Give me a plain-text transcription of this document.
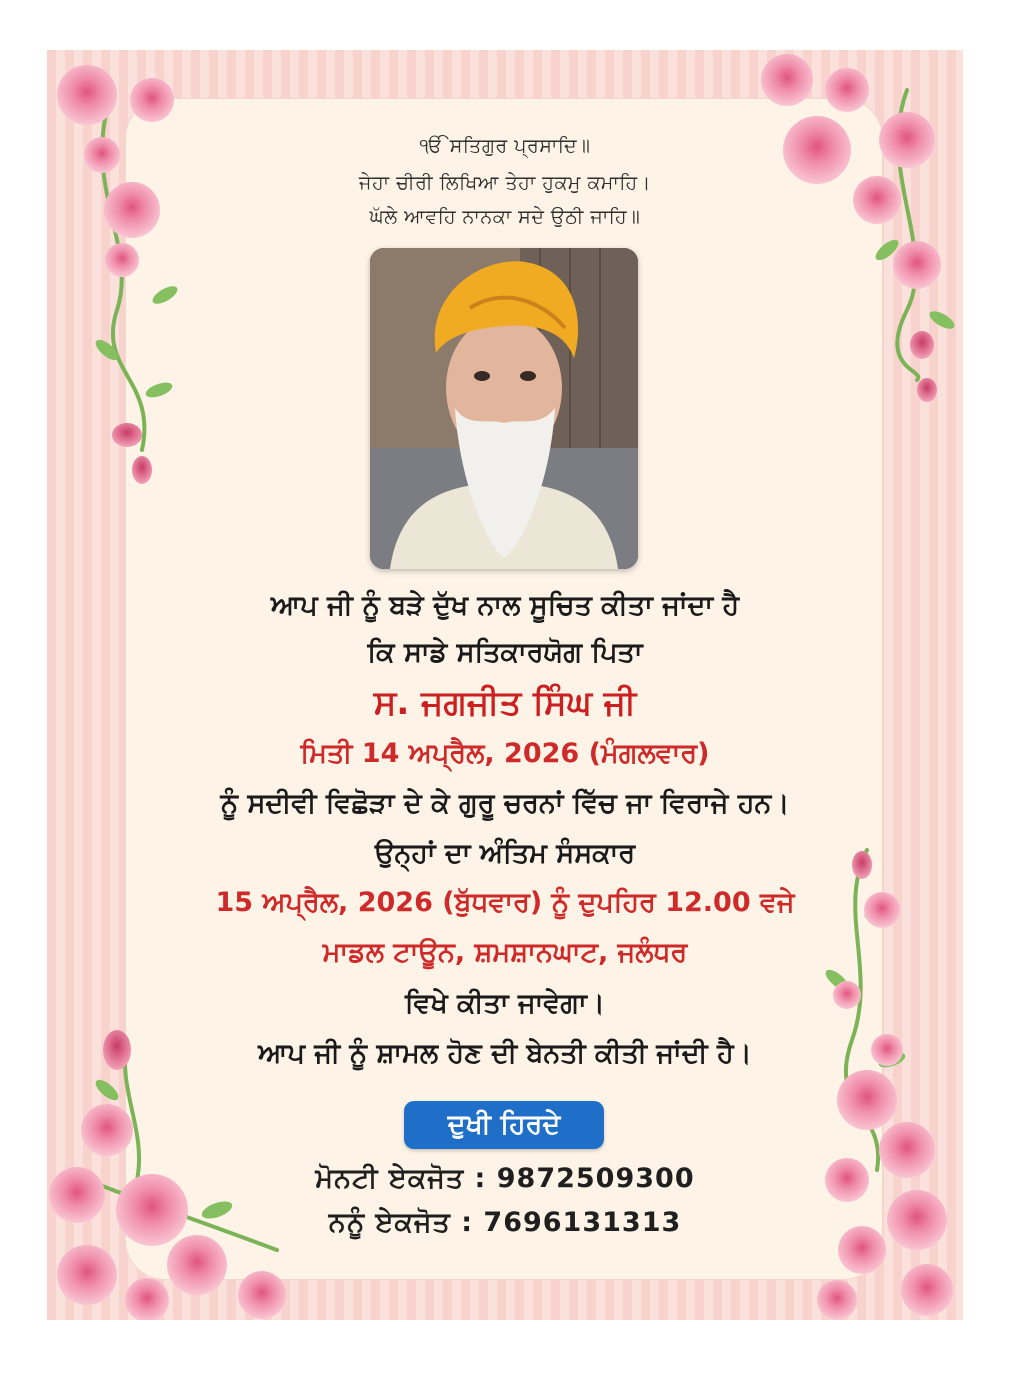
ੴ ਸਤਿਗੁਰ ਪ੍ਰਸਾਦਿ॥
ਜੇਹਾ ਚੀਰੀ ਲਿਖਿਆ ਤੇਹਾ ਹੁਕਮੁ ਕਮਾਹਿ।
ਘੱਲੇ ਆਵਹਿ ਨਾਨਕਾ ਸਦੇ ਉਠੀ ਜਾਹਿ॥
ਆਪ ਜੀ ਨੂੰ ਬੜੇ ਦੁੱਖ ਨਾਲ ਸੂਚਿਤ ਕੀਤਾ ਜਾਂਦਾ ਹੈ
ਕਿ ਸਾਡੇ ਸਤਿਕਾਰਯੋਗ ਪਿਤਾ
ਸ. ਜਗਜੀਤ ਸਿੰਘ ਜੀ
ਮਿਤੀ 14 ਅਪ੍ਰੈਲ, 2026 (ਮੰਗਲਵਾਰ)
ਨੂੰ ਸਦੀਵੀ ਵਿਛੋੜਾ ਦੇ ਕੇ ਗੁਰੂ ਚਰਨਾਂ ਵਿੱਚ ਜਾ ਵਿਰਾਜੇ ਹਨ।
ਉਨ੍ਹਾਂ ਦਾ ਅੰਤਿਮ ਸੰਸਕਾਰ
15 ਅਪ੍ਰੈਲ, 2026 (ਬੁੱਧਵਾਰ) ਨੂੰ ਦੁਪਹਿਰ 12.00 ਵਜੇ
ਮਾਡਲ ਟਾਊਨ, ਸ਼ਮਸ਼ਾਨਘਾਟ, ਜਲੰਧਰ
ਵਿਖੇ ਕੀਤਾ ਜਾਵੇਗਾ।
ਆਪ ਜੀ ਨੂੰ ਸ਼ਾਮਲ ਹੋਣ ਦੀ ਬੇਨਤੀ ਕੀਤੀ ਜਾਂਦੀ ਹੈ।
ਦੁਖੀ ਹਿਰਦੇ
ਮੋਨਟੀ ਏਕਜੋਤ : 9872509300
ਨਨੂੰ ਏਕਜੋਤ : 7696131313
